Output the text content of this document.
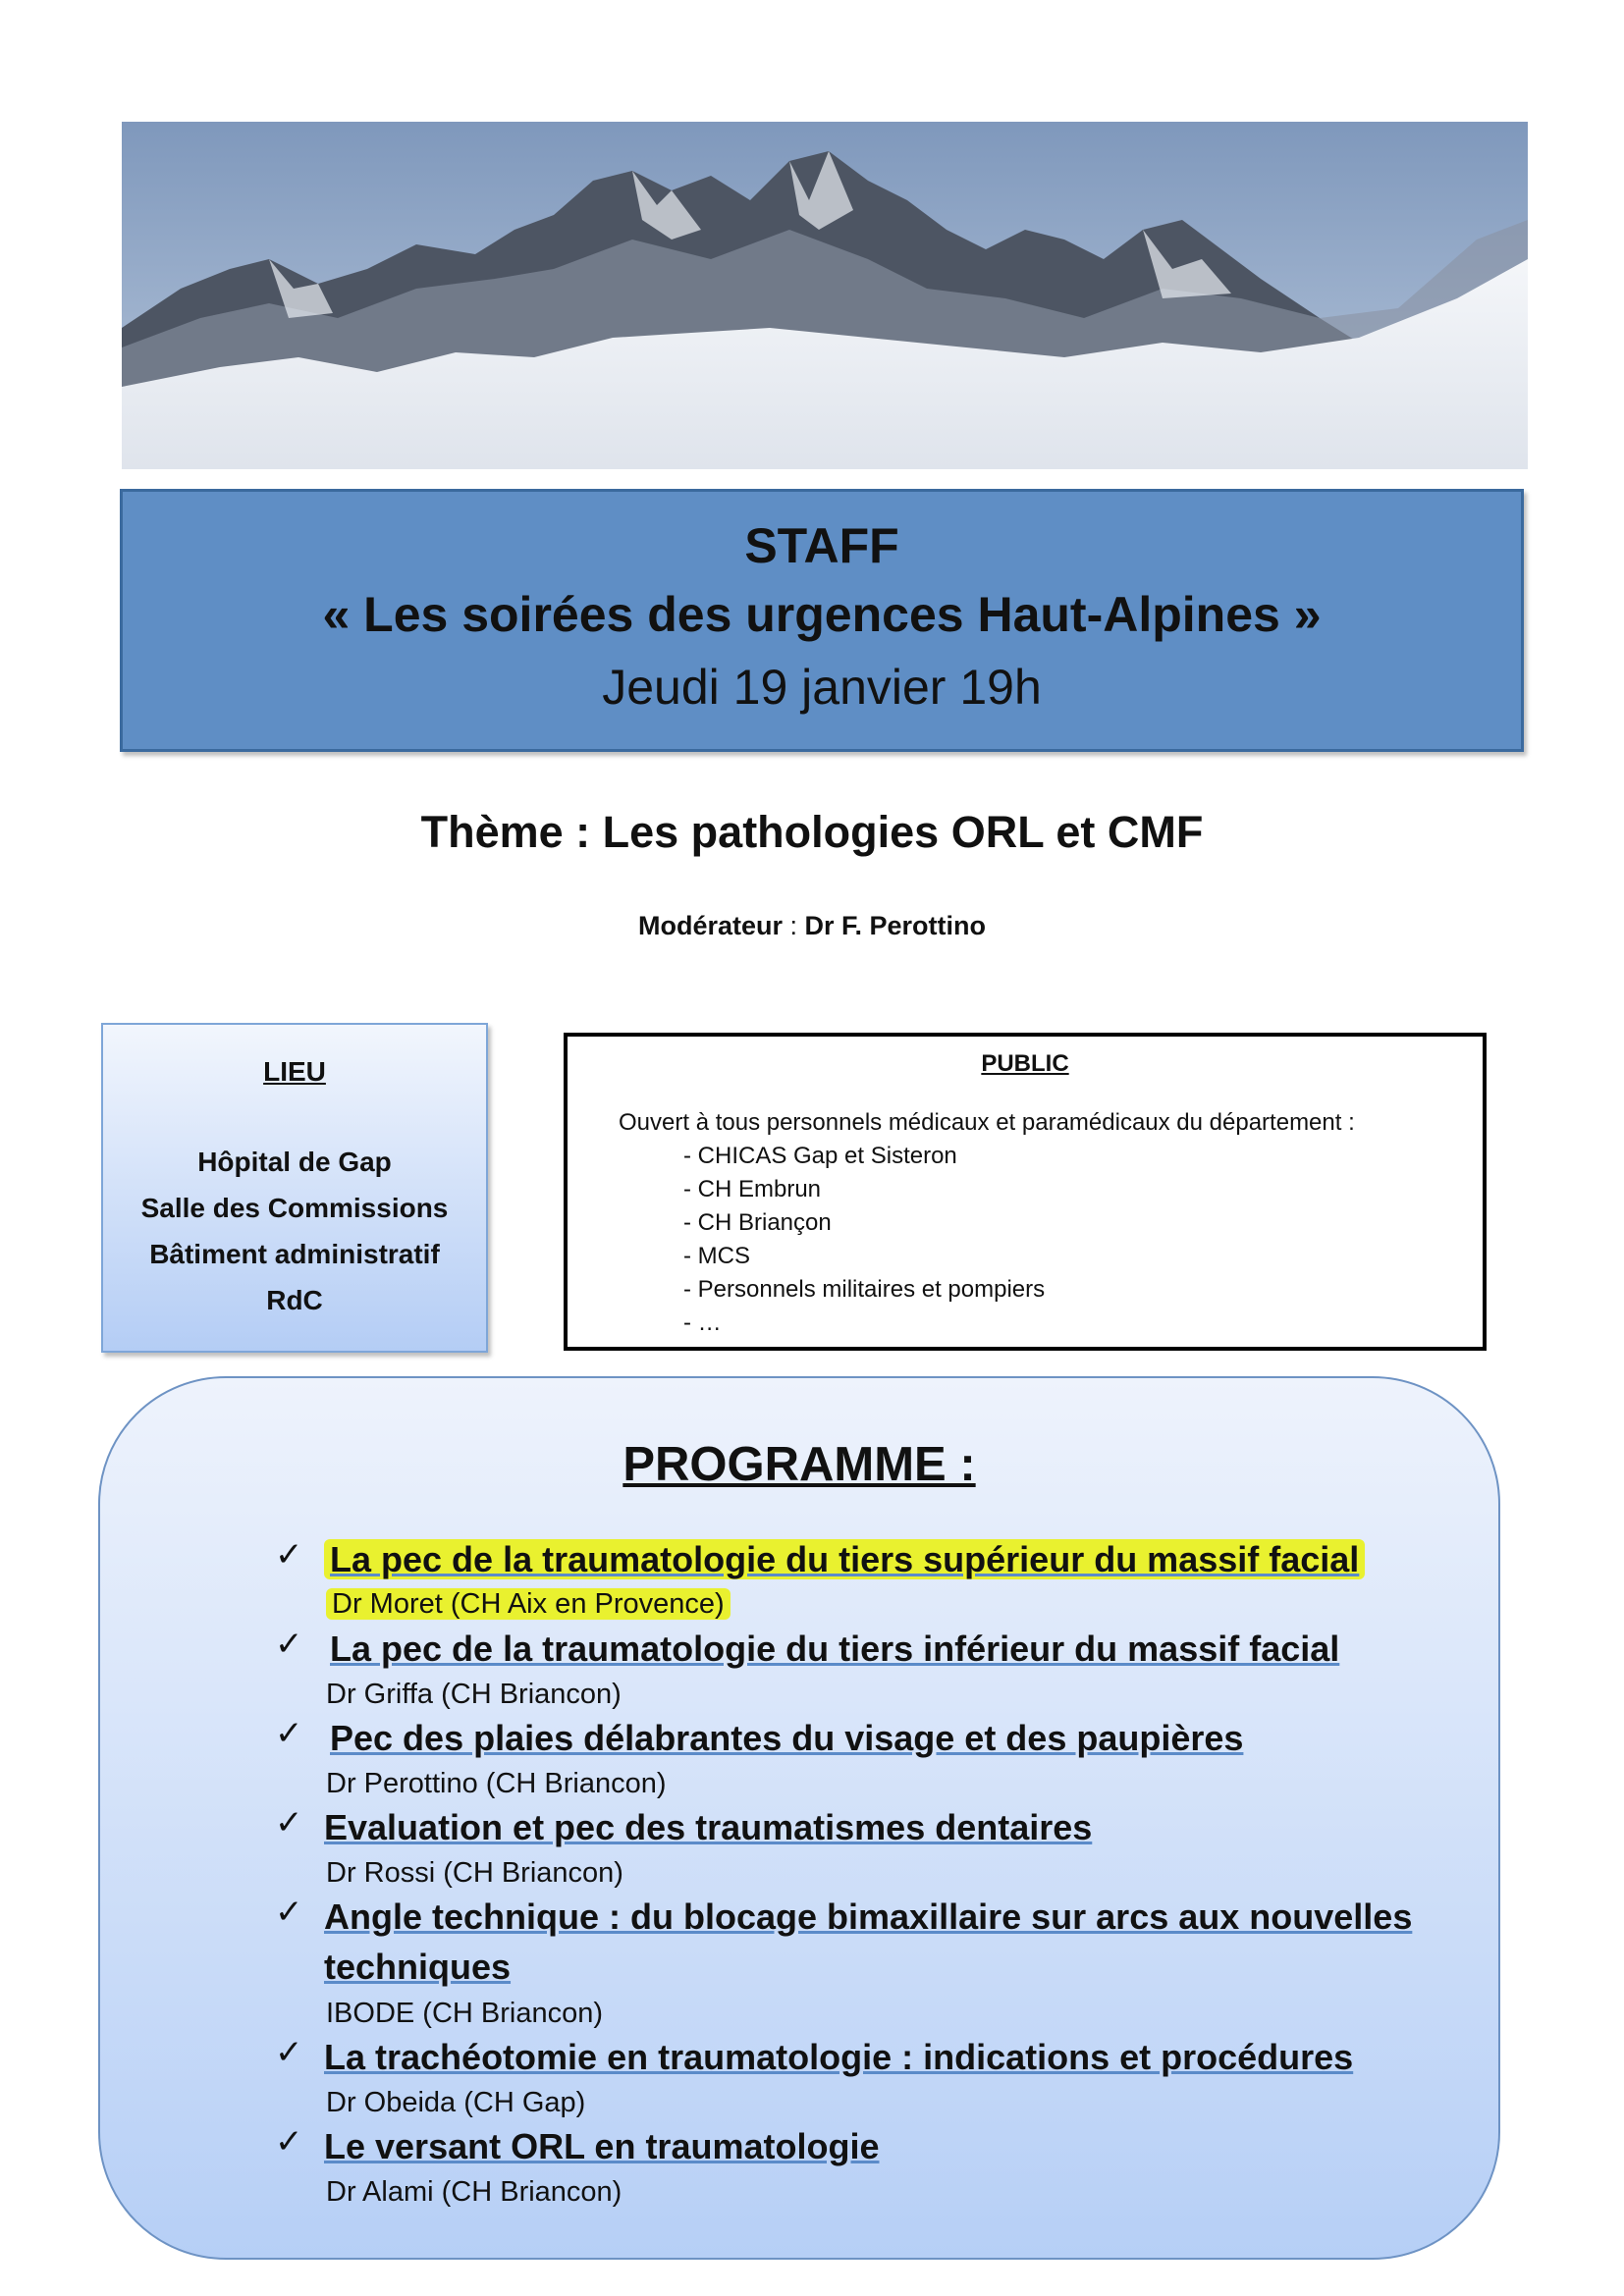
STAFF
« Les soirées des urgences Haut-Alpines »
Jeudi 19 janvier 19h
Thème : Les pathologies ORL et CMF
Modérateur : Dr F. Perottino
LIEU
Hôpital de Gap
Salle des Commissions
Bâtiment administratif
RdC
PUBLIC
Ouvert à tous personnels médicaux et paramédicaux du département :
- CHICAS Gap et Sisteron
- CH Embrun
- CH Briançon
- MCS
- Personnels militaires et pompiers
- …
PROGRAMME :
✓ La pec de la traumatologie du tiers supérieur du massif facial
Dr Moret (CH Aix en Provence)
✓ La pec de la traumatologie du tiers inférieur du massif facial
Dr Griffa (CH Briancon)
✓ Pec des plaies délabrantes du visage et des paupières
Dr Perottino (CH Briancon)
✓ Evaluation et pec des traumatismes dentaires
Dr Rossi (CH Briancon)
✓ Angle technique : du blocage bimaxillaire sur arcs aux nouvelles
techniques
IBODE (CH Briancon)
✓ La trachéotomie en traumatologie : indications et procédures
Dr Obeida (CH Gap)
✓ Le versant ORL en traumatologie
Dr Alami (CH Briancon)
